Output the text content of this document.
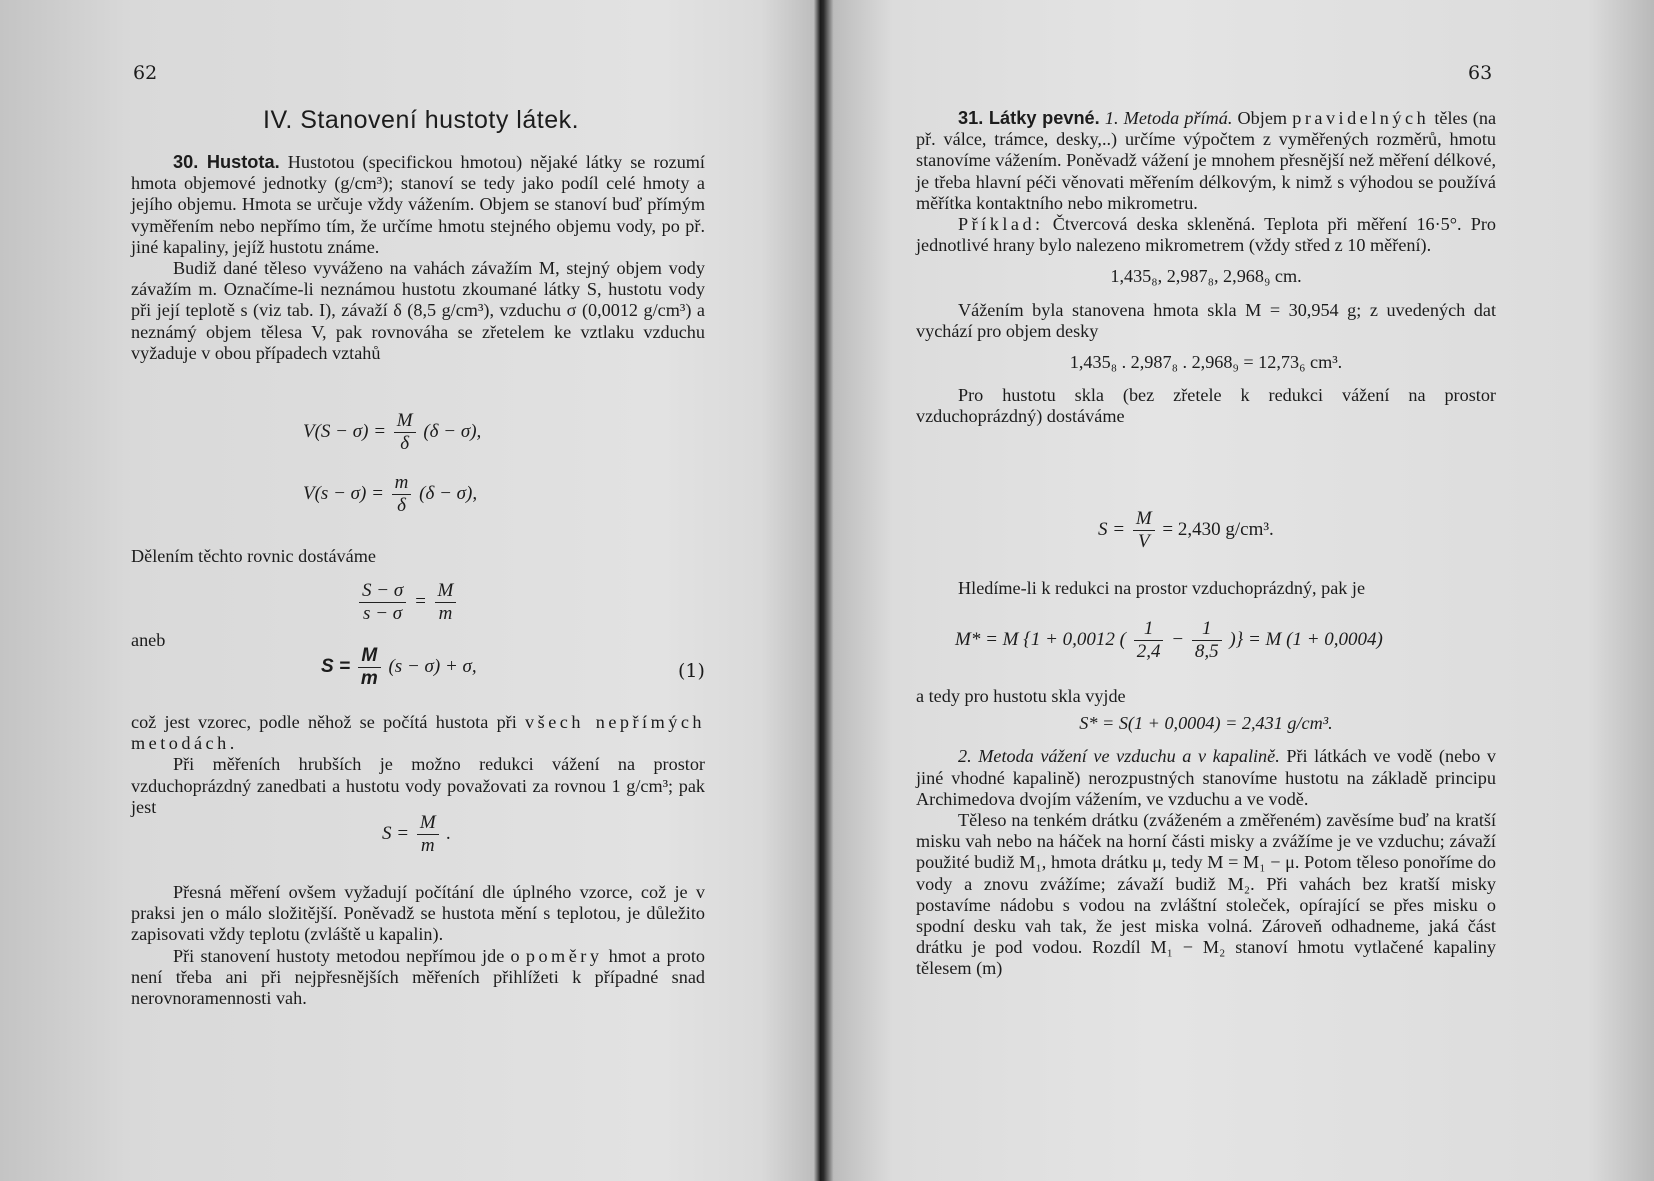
62
IV. Stanovení hustoty látek.

30. Hustota. Hustotou (specifickou hmotou) nějaké látky se rozumí hmota objemové jednotky (g/cm³); stanoví se tedy jako podíl celé hmoty a jejího objemu. Hmota se určuje vždy vážením. Objem se stanoví buď přímým vyměřením nebo nepřímo tím, že určíme hmotu stejného objemu vody, po př. jiné kapaliny, jejíž hustotu známe.

Budiž dané těleso vyváženo na vahách závažím M, stejný objem vody závažím m. Označíme-li neznámou hustotu zkoumané látky S, hustotu vody při její teplotě s (viz tab. I), závaží δ (8,5 g/cm³), vzduchu σ (0,0012 g/cm³) a neznámý objem tělesa V, pak rovnováha se zřetelem ke vztlaku vzduchu vyžaduje v obou případech vztahů

$V(S - \sigma) = \frac{M}{\delta} (\delta - \sigma)$,
$V(s - \sigma) = \frac{m}{\delta} (\delta - \sigma)$,
Dělením těchto rovnic dostáváme
$\frac{S - \sigma}{s - \sigma} = \frac{M}{m}$
aneb
$S = \frac{M}{m} (s - \sigma) + \sigma$,	(1)

což jest vzorec, podle něhož se počítá hustota při všech nepřímých metodách.

Při měřeních hrubších je možno redukci vážení na prostor vzduchoprázdný zanedbati a hustotu vody považovati za rovnou 1 g/cm³; pak jest

$S = \frac{M}{m}$ .

Přesná měření ovšem vyžadují počítání dle úplného vzorce, což je v praksi jen o málo složitější. Poněvadž se hustota mění s teplotou, je důležito zapisovati vždy teplotu (zvláště u kapalin).

Při stanovení hustoty metodou nepřímou jde o poměry hmot a proto není třeba ani při nejpřesnějších měřeních přihlížeti k případné snad nerovnoramennosti vah.

63

31. Látky pevné. 1. Metoda přímá. Objem pravidelných těles (na př. válce, trámce, desky,..) určíme výpočtem z vyměřených rozměrů, hmotu stanovíme vážením. Poněvadž vážení je mnohem přesnější než měření délkové, je třeba hlavní péči věnovati měřením délkovým, k nimž s výhodou se používá měřítka kontaktního nebo mikrometru.

Příklad: Čtvercová deska skleněná. Teplota při měření 16·5°. Pro jednotlivé hrany bylo nalezeno mikrometrem (vždy střed z 10 měření).

1,435₈, 2,987₈, 2,968₉ cm.

Vážením byla stanovena hmota skla M = 30,954 g; z uvedených dat vychází pro objem desky

1,435₈ . 2,987₈ . 2,968₉ = 12,73₆ cm³.

Pro hustotu skla (bez zřetele k redukci vážení na prostor vzduchoprázdný) dostáváme

$S = \frac{M}{V} = 2,430$ g/cm³.

Hledíme-li k redukci na prostor vzduchoprázdný, pak je

M* = M {1 + 0,0012 ( $\frac{1}{2,4} - \frac{1}{8,5}$ )} = M (1 + 0,0004)

a tedy pro hustotu skla vyjde

S* = S(1 + 0,0004) = 2,431 g/cm³.

2. Metoda vážení ve vzduchu a v kapalině. Při látkách ve vodě (nebo v jiné vhodné kapalině) nerozpustných stanovíme hustotu na základě principu Archimedova dvojím vážením, ve vzduchu a ve vodě.

Těleso na tenkém drátku (zváženém a změřeném) zavěsíme buď na kratší misku vah nebo na háček na horní části misky a zvážíme je ve vzduchu; závaží použité budiž M₁, hmota drátku μ, tedy M = M₁ − μ. Potom těleso ponoříme do vody a znovu zvážíme; závaží budiž M₂. Při vahách bez kratší misky postavíme nádobu s vodou na zvláštní stoleček, opírající se přes misku o spodní desku vah tak, že jest miska volná. Zároveň odhadneme, jaká část drátku je pod vodou. Rozdíl M₁ − M₂ stanoví hmotu vytlačené kapaliny tělesem (m)
